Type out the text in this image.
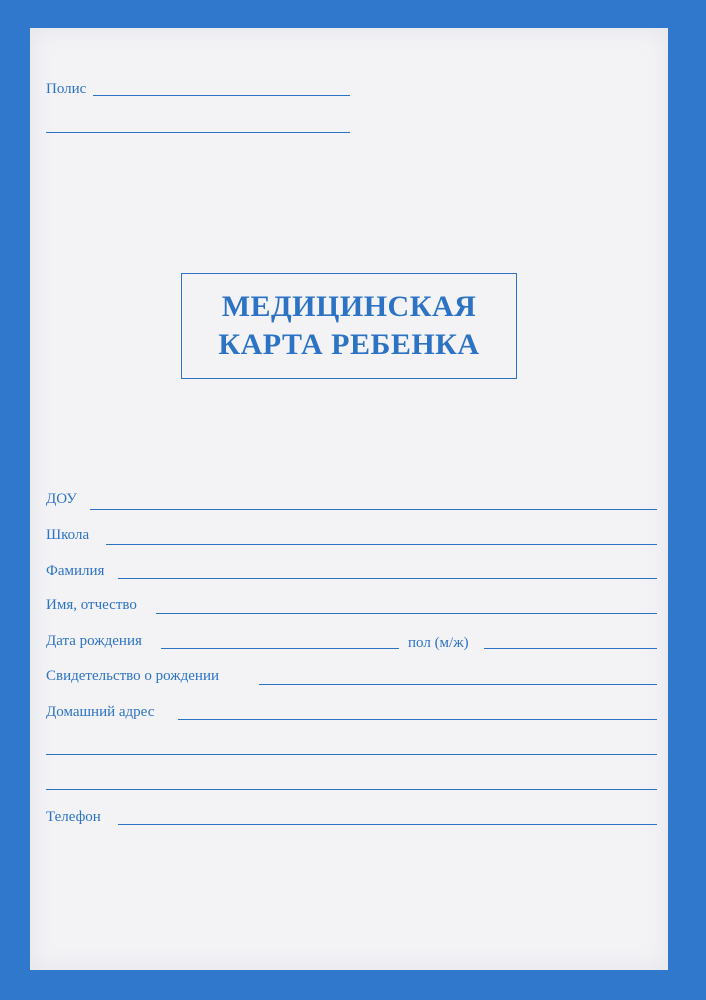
Полис
МЕДИЦИНСКАЯ
КАРТА РЕБЕНКА
ДОУ
Школа
Фамилия
Имя, отчество
Дата рождения	пол (м/ж)
Свидетельство о рождении
Домашний адрес
Телефон
